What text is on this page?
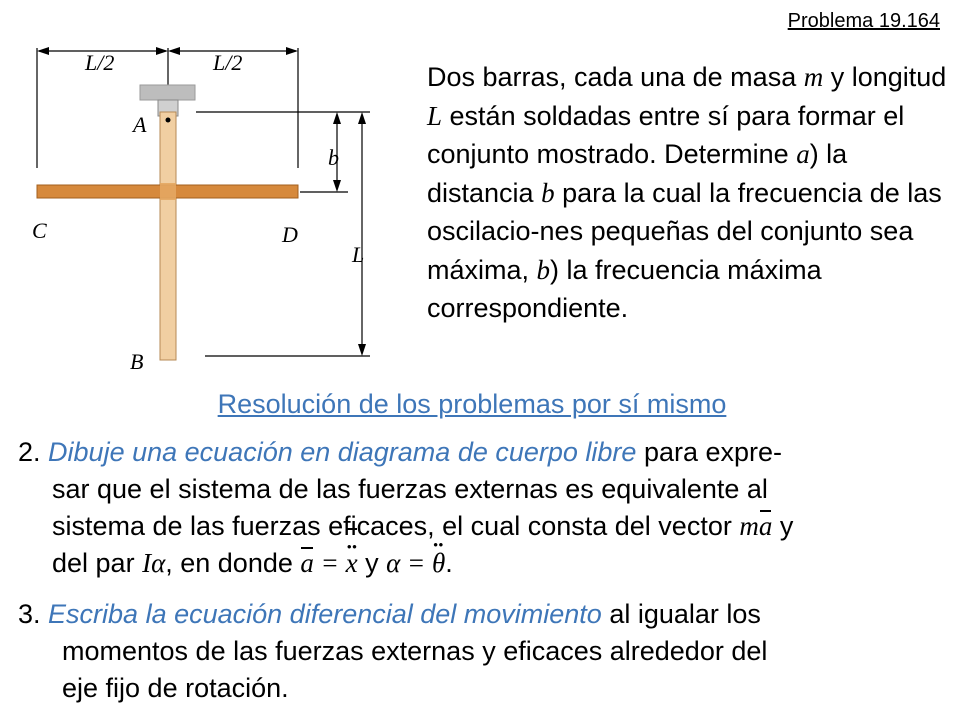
Problema 19.164
L/2	L/2
A
b
C	D
L
B
Dos barras, cada una de masa m y longitud L están soldadas entre sí para formar el conjunto mostrado. Determine a) la distancia b para la cual la frecuencia de las oscilacio-nes pequeñas del conjunto sea máxima, b) la frecuencia máxima correspondiente.
Resolución de los problemas por sí mismo
2. Dibuje una ecuación en diagrama de cuerpo libre para expre-
sar que el sistema de las fuerzas externas es equivalente al
sistema de las fuerzas eficaces, el cual consta del vector ma y
del par Iα, en donde a = •• x y α = •• θ.
3. Escriba la ecuación diferencial del movimiento al igualar los
momentos de las fuerzas externas y eficaces alrededor del
eje fijo de rotación.
